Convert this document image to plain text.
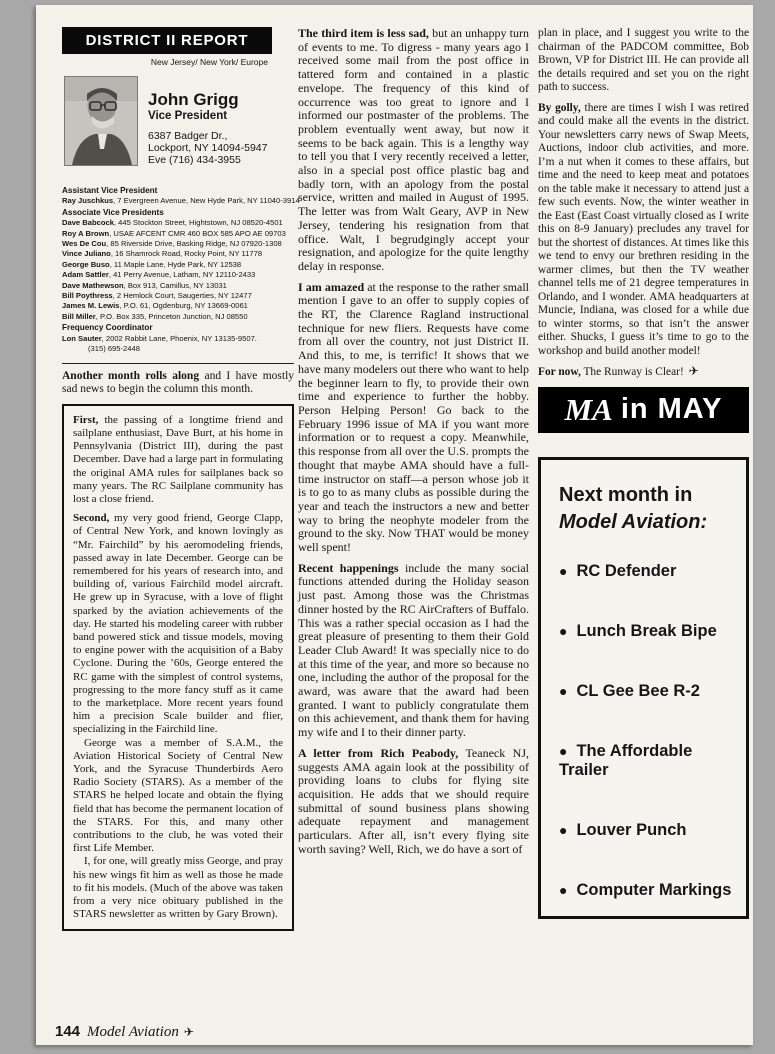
DISTRICT II REPORT
New Jersey/ New York/ Europe
John Grigg
Vice President
6387 Badger Dr.,
Lockport, NY 14094-5947
Eve (716) 434-3955
Assistant Vice President
Ray Juschkus, 7 Evergreen Avenue, New Hyde Park, NY 11040-3914
Associate Vice Presidents
Dave Babcock, 445 Stockton Street, Hightstown, NJ 08520-4501
Roy A Brown, USAE AFCENT CMR 460 BOX 585 APO AE 09703
Wes De Cou, 85 Riverside Drive, Basking Ridge, NJ 07920-1308
Vince Juliano, 16 Shamrock Road, Rocky Point, NY 11778
George Buso, 11 Maple Lane, Hyde Park, NY 12538
Adam Sattler, 41 Perry Avenue, Latham, NY 12110-2433
Dave Mathewson, Box 913, Camillus, NY 13031
Bill Poythress, 2 Hemlock Court, Saugerties, NY 12477
James M. Lewis, P.O. 61, Ogdenburg, NY 13669-0061
Bill Miller, P.O. Box 335, Princeton Junction, NJ 08550
Frequency Coordinator
Lon Sauter, 2002 Rabbit Lane, Phoenix, NY 13135-9507.
(315) 695-2448

Another month rolls along and I have mostly sad news to begin the column this month.

First, the passing of a longtime friend and sailplane enthusiast, Dave Burt, at his home in Pennsylvania (District III), during the past December. Dave had a large part in formulating the original AMA rules for sailplanes back so many years. The RC Sailplane community has lost a close friend.

Second, my very good friend, George Clapp, of Central New York, and known lovingly as “Mr. Fairchild” by his aeromodeling friends, passed away in late December. George can be remembered for his years of research into, and building of, various Fairchild model aircraft. He grew up in Syracuse, with a love of flight sparked by the aviation achievements of the day. He started his modeling career with rubber band powered stick and tissue models, moving to engine power with the acquisition of a Baby Cyclone. During the ’60s, George entered the RC game with the simplest of control systems, progressing to the more fancy stuff as it came to the marketplace. More recent years found him a precision Scale builder and flier, specializing in the Fairchild line.

George was a member of S.A.M., the Aviation Historical Society of Central New York, and the Syracuse Thunderbirds Aero Radio Society (STARS). As a member of the STARS he helped locate and obtain the flying field that has become the permanent location of the STARS. For this, and many other contributions to the club, he was voted their first Life Member.

I, for one, will greatly miss George, and pray his new wings fit him as well as those he made to fit his models. (Much of the above was taken from a very nice obituary published in the STARS newsletter as written by Gary Brown).

The third item is less sad, but an unhappy turn of events to me. To digress - many years ago I received some mail from the post office in tattered form and contained in a plastic envelope. The frequency of this kind of occurrence was too great to ignore and I informed our postmaster of the problems. The problem eventually went away, but now it seems to be back again. This is a lengthy way to tell you that I very recently received a letter, also in a special post office plastic bag and badly torn, with an apology from the postal service, written and mailed in August of 1995. The letter was from Walt Geary, AVP in New Jersey, tendering his resignation from that office. Walt, I begrudgingly accept your resignation, and apologize for the quite lengthy delay in response.

I am amazed at the response to the rather small mention I gave to an offer to supply copies of the RT, the Clarence Ragland instructional technique for new fliers. Requests have come from all over the country, not just District II. And this, to me, is terrific! It shows that we have many modelers out there who want to help the beginner learn to fly, to provide their own time and experience to further the hobby. Person Helping Person! Go back to the February 1996 issue of MA if you want more information or to request a copy. Meanwhile, this response from all over the U.S. prompts the thought that maybe AMA should have a full-time instructor on staff—a person whose job it is to go to as many clubs as possible during the year and teach the instructors a new and better way to bring the neophyte modeler from the ground to the sky. Now THAT would be money well spent!

Recent happenings include the many social functions attended during the Holiday season just past. Among those was the Christmas dinner hosted by the RC AirCrafters of Buffalo. This was a rather special occasion as I had the great pleasure of presenting to them their Gold Leader Club Award! It was specially nice to do at this time of the year, and more so because no one, including the author of the proposal for the award, was aware that the award had been granted. I want to publicly congratulate them on this achievement, and thank them for having my wife and I to their dinner party.

A letter from Rich Peabody, Teaneck NJ, suggests AMA again look at the possibility of providing loans to clubs for flying site acquisition. He adds that we should require submittal of sound business plans showing adequate repayment and management particulars. After all, isn’t every flying site worth saving? Well, Rich, we do have a sort of

plan in place, and I suggest you write to the chairman of the PADCOM committee, Bob Brown, VP for District III. He can provide all the details required and set you on the right path to success.

By golly, there are times I wish I was retired and could make all the events in the district. Your newsletters carry news of Swap Meets, Auctions, indoor club activities, and more. I’m a nut when it comes to these affairs, but time and the need to keep meat and potatoes on the table make it necessary to attend just a few such events. Now, the winter weather in the East (East Coast virtually closed as I write this on 8-9 January) precludes any travel for but the shortest of distances. At times like this we tend to envy our brethren residing in the warmer climes, but then the TV weather channel tells me of 21 degree temperatures in Orlando, and I wonder. AMA headquarters at Muncie, Indiana, was closed for a while due to winter storms, so that isn’t the answer either. Shucks, I guess it’s time to go to the workshop and build another model!

For now, The Runway is Clear! ✈

MA in MAY
Next month in
Model Aviation:
● RC Defender
● Lunch Break Bipe
● CL Gee Bee R-2
● The Affordable Trailer
● Louver Punch
● Computer Markings
144 Model Aviation ✈
